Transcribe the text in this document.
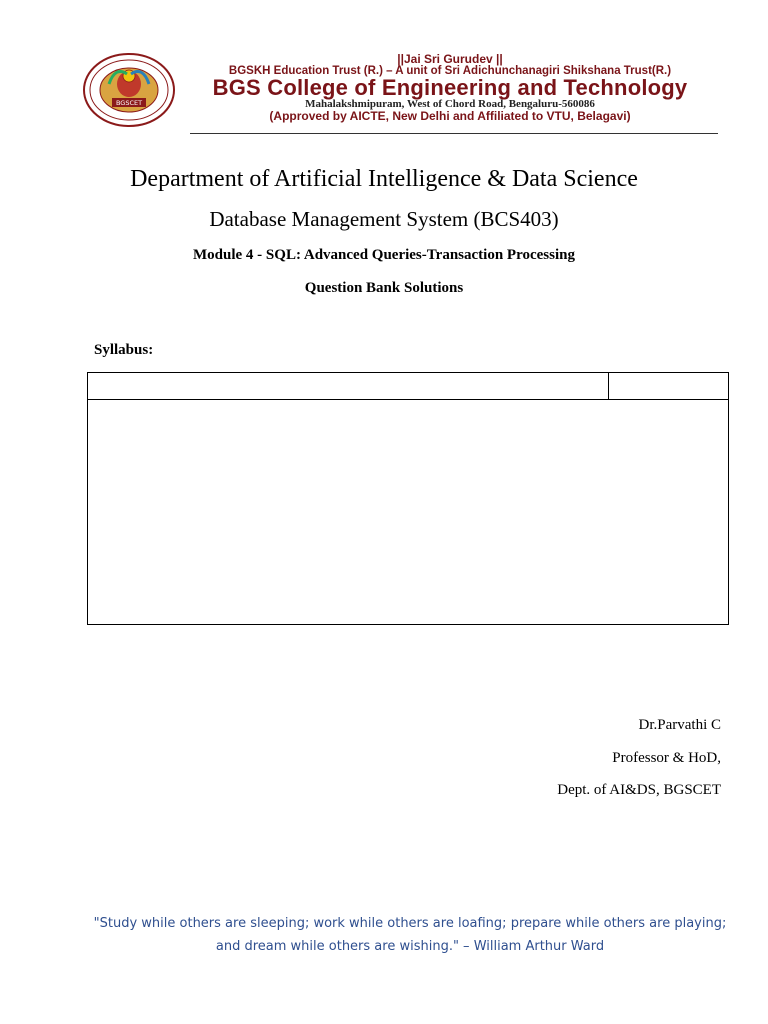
BGSCET
||Jai Sri Gurudev ||
BGSKH Education Trust (R.) – A unit of Sri Adichunchanagiri Shikshana Trust(R.)
BGS College of Engineering and Technology
Mahalakshmipuram, West of Chord Road, Bengaluru-560086
(Approved by AICTE, New Delhi and Affiliated to VTU, Belagavi)
Department of Artificial Intelligence & Data Science
Database Management System (BCS403)
Module 4 - SQL: Advanced Queries-Transaction Processing
Question Bank Solutions
Syllabus:
Dr.Parvathi C
Professor & HoD,
Dept. of AI&DS, BGSCET
"Study while others are sleeping; work while others are loafing; prepare while others are playing; and dream while others are wishing." – William Arthur Ward
